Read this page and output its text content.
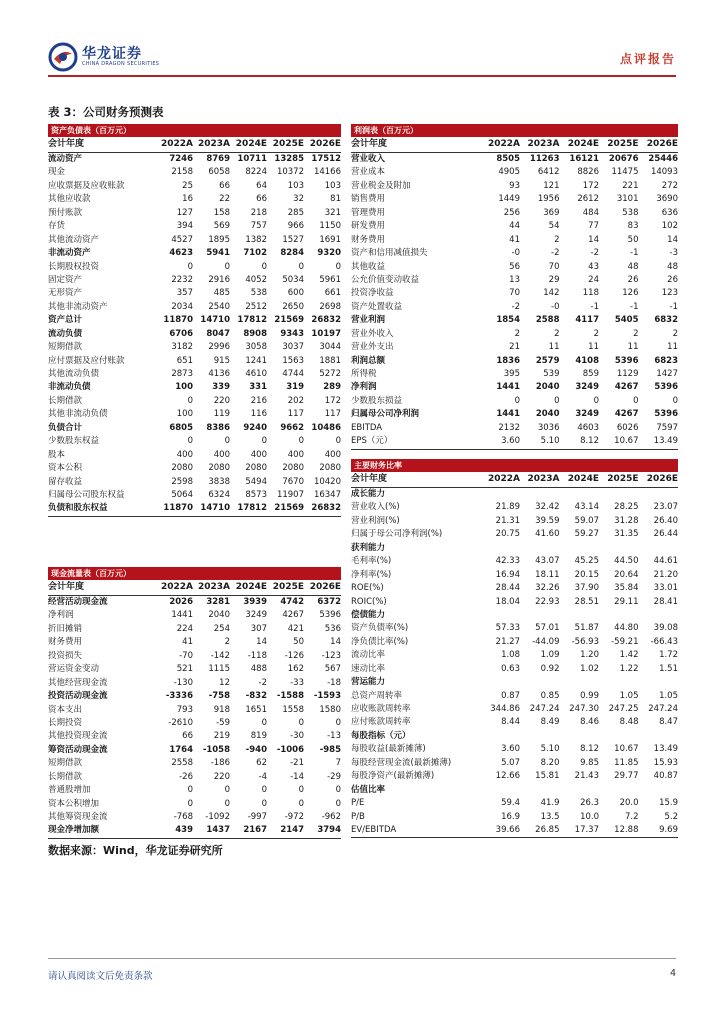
华龙证券
CHINA DRAGON SECURITIES	点评报告
表 3：公司财务预测表
资产负债表（百万元）
会计年度	2022A 2023A 2024E 2025E 2026E
流动资产	7246	8769 10711 13285 17512
现金	2158	6058	8224	10372	14166
应收票据及应收账款	25	66	64	103	103
其他应收款	16	22	66	32	81
预付账款	127	158	218	285	321
存货	394	569	757	966	1150
其他流动资产	4527	1895	1382	1527	1691
非流动资产	4623	5941	7102	8284	9320
长期股权投资	0	0	0	0	0
固定资产	2232	2916	4052	5034	5961
无形资产	357	485	538	600	661
其他非流动资产	2034	2540	2512	2650	2698
资产总计	11870 14710 17812 21569 26832
流动负债	6706	8047	8908	9343 10197
短期借款	3182	2996	3058	3037	3044
应付票据及应付账款	651	915	1241	1563	1881
其他流动负债	2873	4136	4610	4744	5272
非流动负债	100	339	331	319	289
长期借款	0	220	216	202	172
其他非流动负债	100	119	116	117	117
负债合计	6805	8386	9240	9662 10486
少数股东权益	0	0	0	0	0
股本	400	400	400	400	400
资本公积	2080	2080	2080	2080	2080
留存收益	2598	3838	5494	7670	10420
归属母公司股东权益	5064	6324	8573	11907	16347
负债和股东权益	11870 14710 17812 21569 26832
利润表（百万元）
会计年度	2022A 2023A 2024E 2025E 2026E
营业收入	8505	11263	16121	20676	25446
营业成本	4905	6412	8826	11475	14093
营业税金及附加	93	121	172	221	272
销售费用	1449	1956	2612	3101	3690
管理费用	256	369	484	538	636
研发费用	44	54	77	83	102
财务费用	41	2	14	50	14
资产和信用减值损失	-0	-2	-2	-1	-3
其他收益	56	70	43	48	48
公允价值变动收益	13	29	24	26	26
投资净收益	70	142	118	126	123
资产处置收益	-2	-0	-1	-1	-1
营业利润	1854	2588	4117	5405	6832
营业外收入	2	2	2	2	2
营业外支出	21	11	11	11	11
利润总额	1836	2579	4108	5396	6823
所得税	395	539	859	1129	1427
净利润	1441	2040	3249	4267	5396
少数股东损益	0	0	0	0	0
归属母公司净利润	1441	2040	3249	4267	5396
EBITDA	2132	3036	4603	6026	7597
EPS（元）	3.60	5.10	8.12	10.67	13.49
主要财务比率
会计年度	2022A 2023A 2024E 2025E 2026E
成长能力
营业收入(%)	21.89	32.42	43.14	28.25	23.07
营业利润(%)	21.31	39.59	59.07	31.28	26.40
归属于母公司净利润(%)	20.75	41.60	59.27	31.35	26.44
获利能力
毛利率(%)	42.33	43.07	45.25	44.50	44.61
净利率(%)	16.94	18.11	20.15	20.64	21.20
ROE(%)	28.44	32.26	37.90	35.84	33.01
ROIC(%)	18.04	22.93	28.51	29.11	28.41
偿债能力
资产负债率(%)	57.33	57.01	51.87	44.80	39.08
净负债比率(%)	21.27	-44.09	-56.93	-59.21	-66.43
流动比率	1.08	1.09	1.20	1.42	1.72
速动比率	0.63	0.92	1.02	1.22	1.51
营运能力
总资产周转率	0.87	0.85	0.99	1.05	1.05
应收账款周转率	344.86	247.24	247.30	247.25	247.24
应付账款周转率	8.44	8.49	8.46	8.48	8.47
每股指标（元）
每股收益(最新摊薄)	3.60	5.10	8.12	10.67	13.49
每股经营现金流(最新摊薄)	5.07	8.20	9.85	11.85	15.93
每股净资产(最新摊薄)	12.66	15.81	21.43	29.77	40.87
估值比率
P/E	59.4	41.9	26.3	20.0	15.9
P/B	16.9	13.5	10.0	7.2	5.2
EV/EBITDA	39.66	26.85	17.37	12.88	9.69
现金流量表（百万元）
会计年度	2022A 2023A 2024E 2025E 2026E
经营活动现金流	2026	3281	3939	4742	6372
净利润	1441	2040	3249	4267	5396
折旧摊销	224	254	307	421	536
财务费用	41	2	14	50	14
投资损失	-70	-142	-118	-126	-123
营运资金变动	521	1115	488	162	567
其他经营现金流	-130	12	-2	-33	-18
投资活动现金流	-3336	-758	-832	-1588	-1593
资本支出	793	918	1651	1558	1580
长期投资	-2610	-59	0	0	0
其他投资现金流	66	219	819	-30	-13
筹资活动现金流	1764	-1058	-940	-1006	-985
短期借款	2558	-186	62	-21	7
长期借款	-26	220	-4	-14	-29
普通股增加	0	0	0	0	0
资本公积增加	0	0	0	0	0
其他筹资现金流	-768	-1092	-997	-972	-962
现金净增加额	439	1437	2167	2147	3794
数据来源：Wind，华龙证券研究所
请认真阅读文后免责条款	4
